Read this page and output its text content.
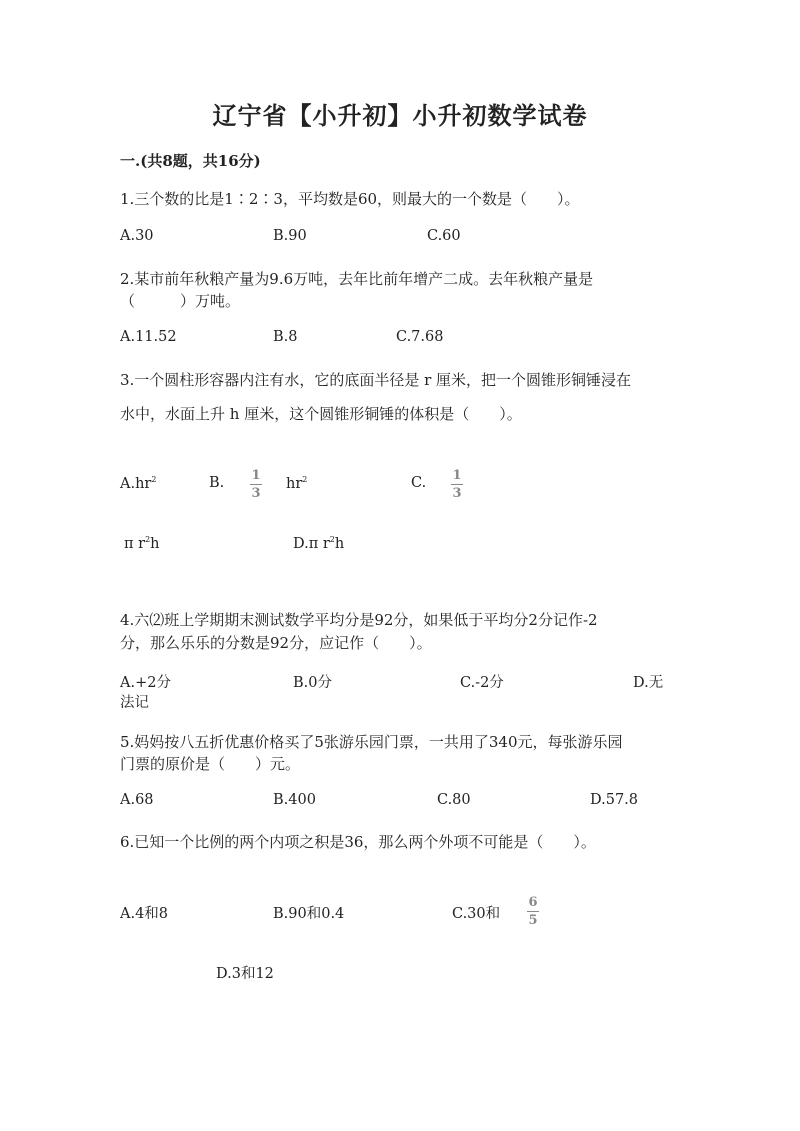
辽宁省【小升初】小升初数学试卷
一.(共8题，共16分)
1.三个数的比是1∶2∶3，平均数是60，则最大的一个数是（　　）。
A.30	B.90	C.60
2.某市前年秋粮产量为9.6万吨，去年比前年增产二成。去年秋粮产量是
（　　　）万吨。
A.11.52	B.8	C.7.68
3.一个圆柱形容器内注有水，它的底面半径是 r 厘米，把一个圆锥形铜锤浸在
水中，水面上升 h 厘米，这个圆锥形铜锤的体积是（　　）。
$A.hr^2$	B. 1
3
$hr^2$	C. 1
3
π $r^2h$	D.π $r^2h$
4.六⑵班上学期期末测试数学平均分是92分，如果低于平均分2分记作-2
分，那么乐乐的分数是92分，应记作（　　）。
A.+2分	B.0分	C.-2分	D.无
法记
5.妈妈按八五折优惠价格买了5张游乐园门票，一共用了340元，每张游乐园
门票的原价是（　　）元。
A.68	B.400	C.80	D.57.8
6.已知一个比例的两个内项之积是36，那么两个外项不可能是（　　）。
A.4和8	B.90和0.4	C.30和
6
5
D.3和12
